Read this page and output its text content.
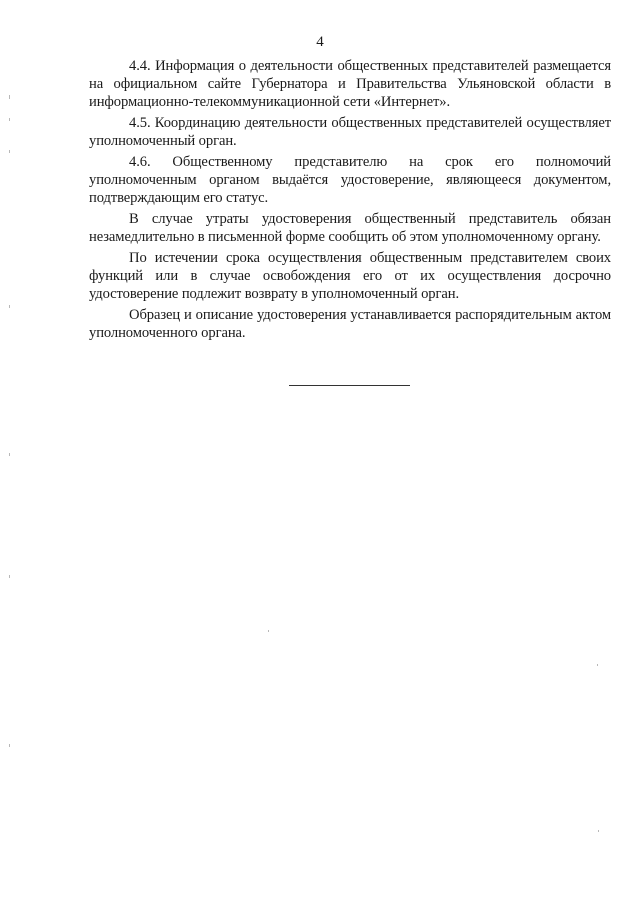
4

4.4. Информация о деятельности общественных представителей размещается на официальном сайте Губернатора и Правительства Ульяновской области в информационно-телекоммуникационной сети «Интернет».

4.5. Координацию деятельности общественных представителей осуществляет уполномоченный орган.

4.6. Общественному представителю на срок его полномочий уполномоченным органом выдаётся удостоверение, являющееся документом, подтверждающим его статус.

В случае утраты удостоверения общественный представитель обязан незамедлительно в письменной форме сообщить об этом уполномоченному органу.

По истечении срока осуществления общественным представителем своих функций или в случае освобождения его от их осуществления досрочно удостоверение подлежит возврату в уполномоченный орган.

Образец и описание удостоверения устанавливается распорядительным актом уполномоченного органа.
